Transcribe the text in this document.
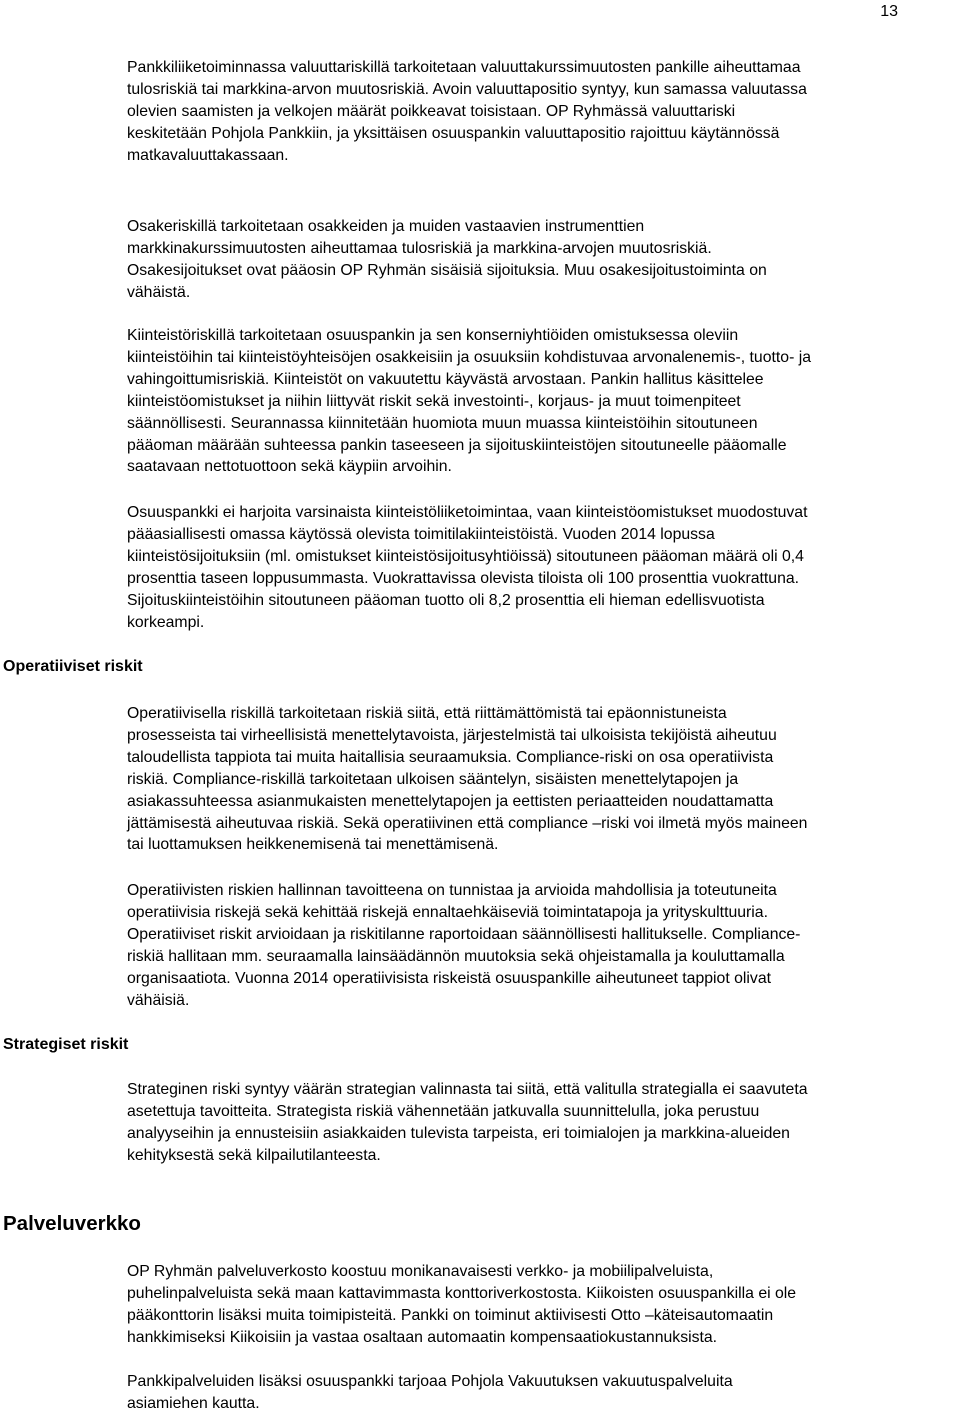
13
Operatiiviset riskit
Strategiset riskit
Palveluverkko

Pankkiliiketoiminnassa valuuttariskillä tarkoitetaan valuuttakurssimuutosten pankille aiheuttamaa
tulosriskiä tai markkina-arvon muutosriskiä. Avoin valuuttapositio syntyy, kun samassa valuutassa
olevien saamisten ja velkojen määrät poikkeavat toisistaan. OP Ryhmässä valuuttariski
keskitetään Pohjola Pankkiin, ja yksittäisen osuuspankin valuuttapositio rajoittuu käytännössä
matkavaluuttakassaan.

Osakeriskillä tarkoitetaan osakkeiden ja muiden vastaavien instrumenttien
markkinakurssimuutosten aiheuttamaa tulosriskiä ja markkina-arvojen muutosriskiä.
Osakesijoitukset ovat pääosin OP Ryhmän sisäisiä sijoituksia. Muu osakesijoitustoiminta on
vähäistä.

Kiinteistöriskillä tarkoitetaan osuuspankin ja sen konserniyhtiöiden omistuksessa oleviin
kiinteistöihin tai kiinteistöyhteisöjen osakkeisiin ja osuuksiin kohdistuvaa arvonalenemis-, tuotto- ja
vahingoittumisriskiä. Kiinteistöt on vakuutettu käyvästä arvostaan. Pankin hallitus käsittelee
kiinteistöomistukset ja niihin liittyvät riskit sekä investointi-, korjaus- ja muut toimenpiteet
säännöllisesti. Seurannassa kiinnitetään huomiota muun muassa kiinteistöihin sitoutuneen
pääoman määrään suhteessa pankin taseeseen ja sijoituskiinteistöjen sitoutuneelle pääomalle
saatavaan nettotuottoon sekä käypiin arvoihin.

Osuuspankki ei harjoita varsinaista kiinteistöliiketoimintaa, vaan kiinteistöomistukset muodostuvat
pääasiallisesti omassa käytössä olevista toimitilakiinteistöistä. Vuoden 2014 lopussa
kiinteistösijoituksiin (ml. omistukset kiinteistösijoitusyhtiöissä) sitoutuneen pääoman määrä oli 0,4
prosenttia taseen loppusummasta. Vuokrattavissa olevista tiloista oli 100 prosenttia vuokrattuna.
Sijoituskiinteistöihin sitoutuneen pääoman tuotto oli 8,2 prosenttia eli hieman edellisvuotista
korkeampi.

Operatiivisella riskillä tarkoitetaan riskiä siitä, että riittämättömistä tai epäonnistuneista
prosesseista tai virheellisistä menettelytavoista, järjestelmistä tai ulkoisista tekijöistä aiheutuu
taloudellista tappiota tai muita haitallisia seuraamuksia. Compliance-riski on osa operatiivista
riskiä. Compliance-riskillä tarkoitetaan ulkoisen sääntelyn, sisäisten menettelytapojen ja
asiakassuhteessa asianmukaisten menettelytapojen ja eettisten periaatteiden noudattamatta
jättämisestä aiheutuvaa riskiä. Sekä operatiivinen että compliance –riski voi ilmetä myös maineen
tai luottamuksen heikkenemisenä tai menettämisenä.

Operatiivisten riskien hallinnan tavoitteena on tunnistaa ja arvioida mahdollisia ja toteutuneita
operatiivisia riskejä sekä kehittää riskejä ennaltaehkäiseviä toimintatapoja ja yrityskulttuuria.
Operatiiviset riskit arvioidaan ja riskitilanne raportoidaan säännöllisesti hallitukselle. Compliance-
riskiä hallitaan mm. seuraamalla lainsäädännön muutoksia sekä ohjeistamalla ja kouluttamalla
organisaatiota. Vuonna 2014 operatiivisista riskeistä osuuspankille aiheutuneet tappiot olivat
vähäisiä.

Strateginen riski syntyy väärän strategian valinnasta tai siitä, että valitulla strategialla ei saavuteta
asetettuja tavoitteita. Strategista riskiä vähennetään jatkuvalla suunnittelulla, joka perustuu
analyyseihin ja ennusteisiin asiakkaiden tulevista tarpeista, eri toimialojen ja markkina-alueiden
kehityksestä sekä kilpailutilanteesta.

OP Ryhmän palveluverkosto koostuu monikanavaisesti verkko- ja mobiilipalveluista,
puhelinpalveluista sekä maan kattavimmasta konttoriverkostosta. Kiikoisten osuuspankilla ei ole
pääkonttorin lisäksi muita toimipisteitä. Pankki on toiminut aktiivisesti Otto –käteisautomaatin
hankkimiseksi Kiikoisiin ja vastaa osaltaan automaatin kompensaatiokustannuksista.

Pankkipalveluiden lisäksi osuuspankki tarjoaa Pohjola Vakuutuksen vakuutuspalveluita
asiamiehen kautta.
